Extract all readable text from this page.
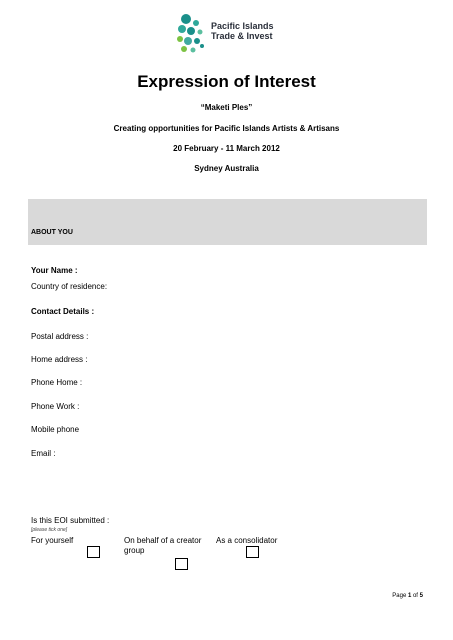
Pacific Islands
Trade & Invest
Expression of Interest
“Maketi Ples”
Creating opportunities for Pacific Islands Artists & Artisans
20 February - 11 March 2012
Sydney Australia
ABOUT YOU
Your Name :
Country of residence:
Contact Details :
Postal address :
Home address :
Phone Home :
Phone Work :
Mobile phone
Email :
Is this EOI submitted :
[please tick one]
For yourself	On behalf of a creator
group
As a consolidator
Page 1 of 5
